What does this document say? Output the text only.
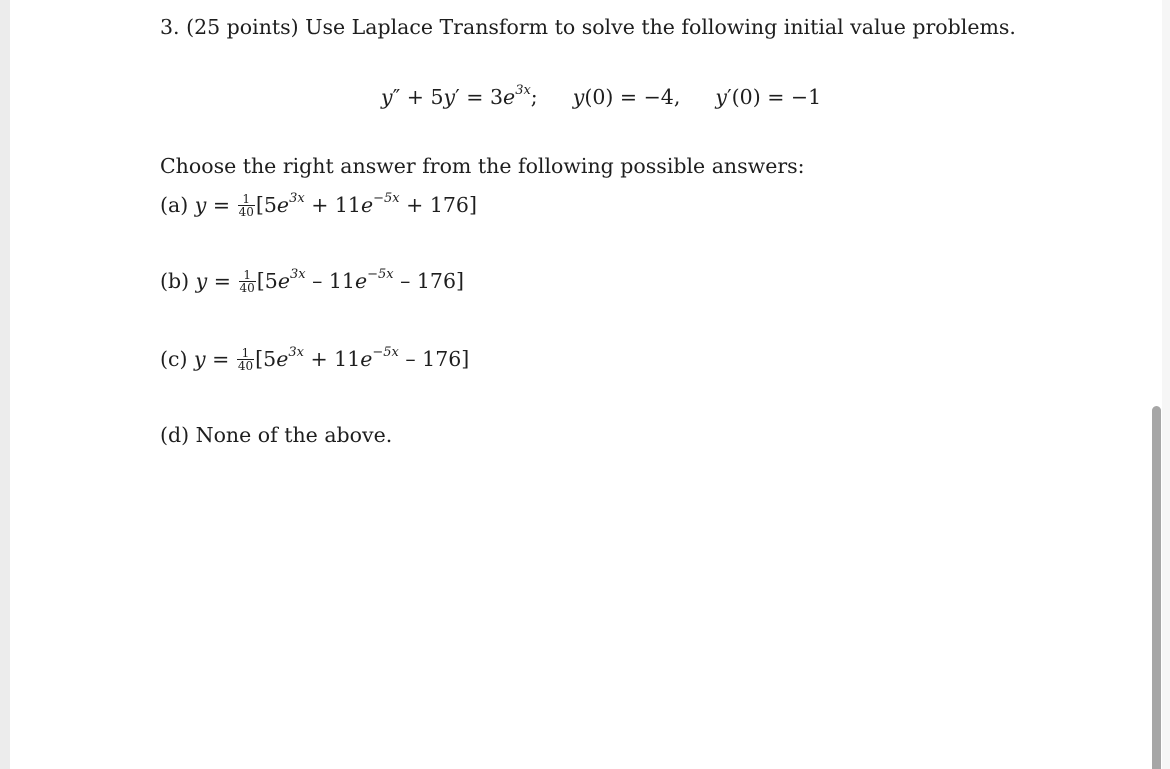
3. (25 points) Use Laplace Transform to solve the following initial value problems.
$y'' + 5y' = 3e^{3x}$; y(0) = −4, y′(0) = −1
Choose the right answer from the following possible answers:
(a) $y = \frac{1}{40} [5e^{3x} + 11e^{-5x} + 176]$
(b) $y = \frac{1}{40} [5e^{3x} - 11e^{-5x} - 176]$
(c) $y = \frac{1}{40} [5e^{3x} + 11e^{-5x} - 176]$
(d) None of the above.
